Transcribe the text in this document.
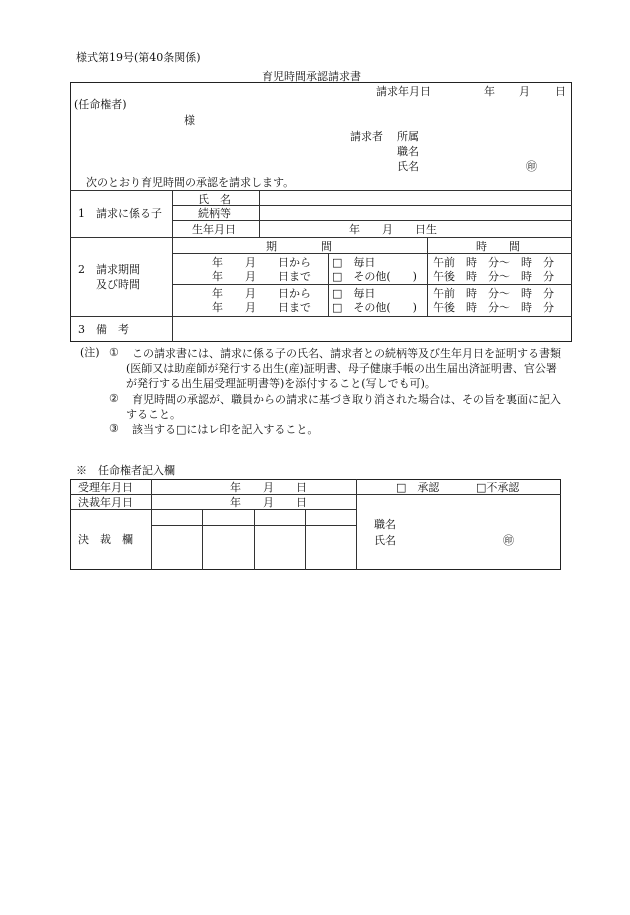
様式第19号(第40条関係)
育児時間承認請求書
請求年月日	年 月 日
(任命権者)
様
請求者 所属
職名
氏名	㊞
次のとおり育児時間の承認を請求します。
1　請求に係る子
氏　名
続柄等
生年月日	年　　月　　日生
2　請求期間
及び時間
期　　　　間	時　　間
年　　月　　日から □　毎日	午前　時　分～　時　分
年　　月　　日まで □　その他(　　) 午後　時　分～　時　分
年　　月　　日から □　毎日	午前　時　分～　時　分
年　　月　　日まで □　その他(　　) 午後　時　分～　時　分
3　備　考
(注) ①	この請求書には、請求に係る子の氏名、請求者との続柄等及び生年月日を証明する書類(医師又は助産師が発行する出生(産)証明書、母子健康手帳の出生届出済証明書、官公署が発行する出生届受理証明書等)を添付すること(写しでも可)。
②	育児時間の承認が、職員からの請求に基づき取り消された場合は、その旨を裏面に記入すること。
③	該当する□にはレ印を記入すること。
※　任命権者記入欄
受理年月日	年　　月　　日	□　承認	□不承認
決裁年月日	年　　月　　日
決　裁　欄
職名
氏名	㊞
